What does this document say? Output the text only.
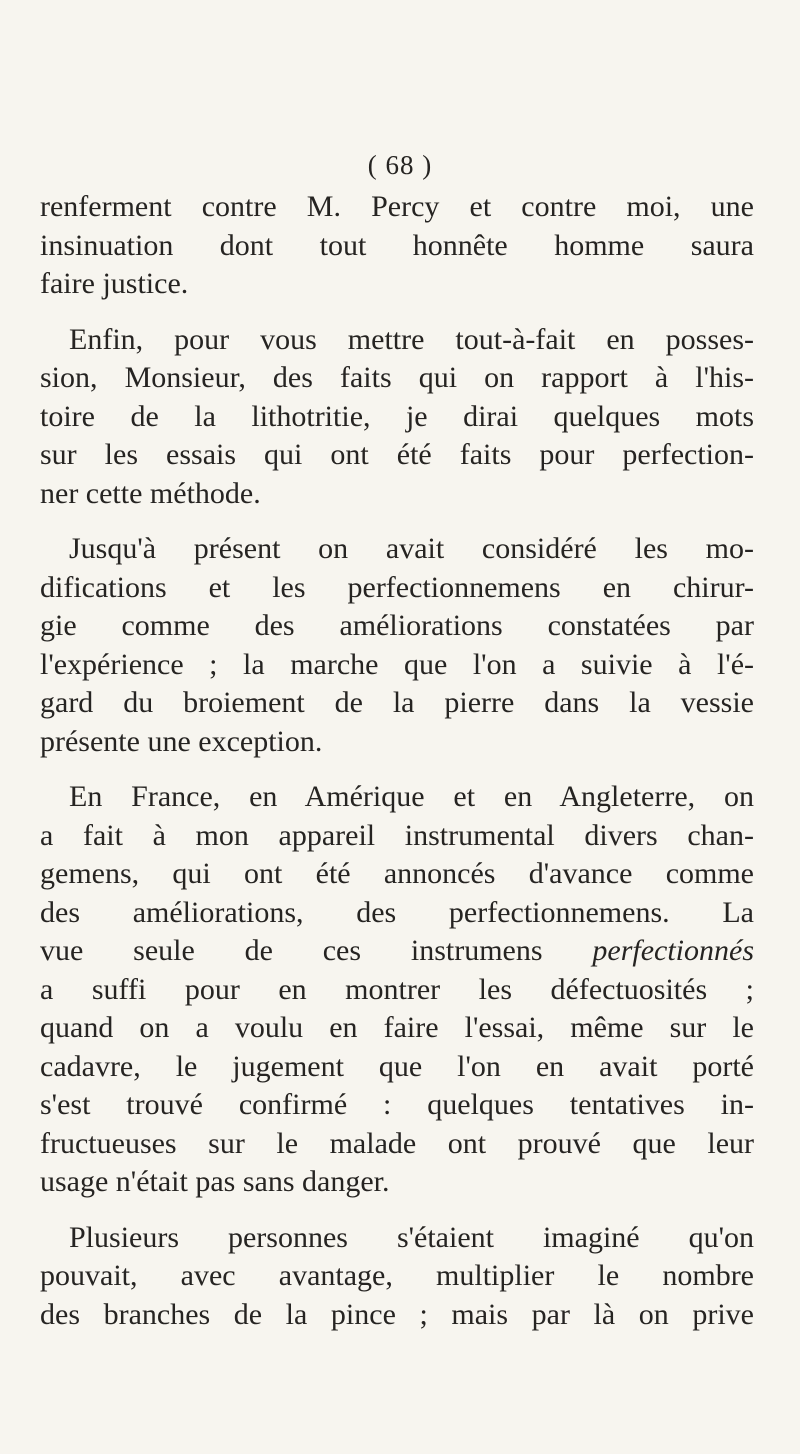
( 68 )

renferment contre M. Percy et contre moi, une
insinuation dont tout honnête homme saura
faire justice.

Enfin, pour vous mettre tout-à-fait en posses-
sion, Monsieur, des faits qui on rapport à l'his-
toire de la lithotritie, je dirai quelques mots
sur les essais qui ont été faits pour perfection-
ner cette méthode.

Jusqu'à présent on avait considéré les mo-
difications et les perfectionnemens en chirur-
gie comme des améliorations constatées par
l'expérience ; la marche que l'on a suivie à l'é-
gard du broiement de la pierre dans la vessie
présente une exception.

En France, en Amérique et en Angleterre, on
a fait à mon appareil instrumental divers chan-
gemens, qui ont été annoncés d'avance comme
des améliorations, des perfectionnemens. La
vue seule de ces instrumens perfectionnés
a suffi pour en montrer les défectuosités ;
quand on a voulu en faire l'essai, même sur le
cadavre, le jugement que l'on en avait porté
s'est trouvé confirmé : quelques tentatives in-
fructueuses sur le malade ont prouvé que leur
usage n'était pas sans danger.

Plusieurs personnes s'étaient imaginé qu'on
pouvait, avec avantage, multiplier le nombre
des branches de la pince ; mais par là on prive
